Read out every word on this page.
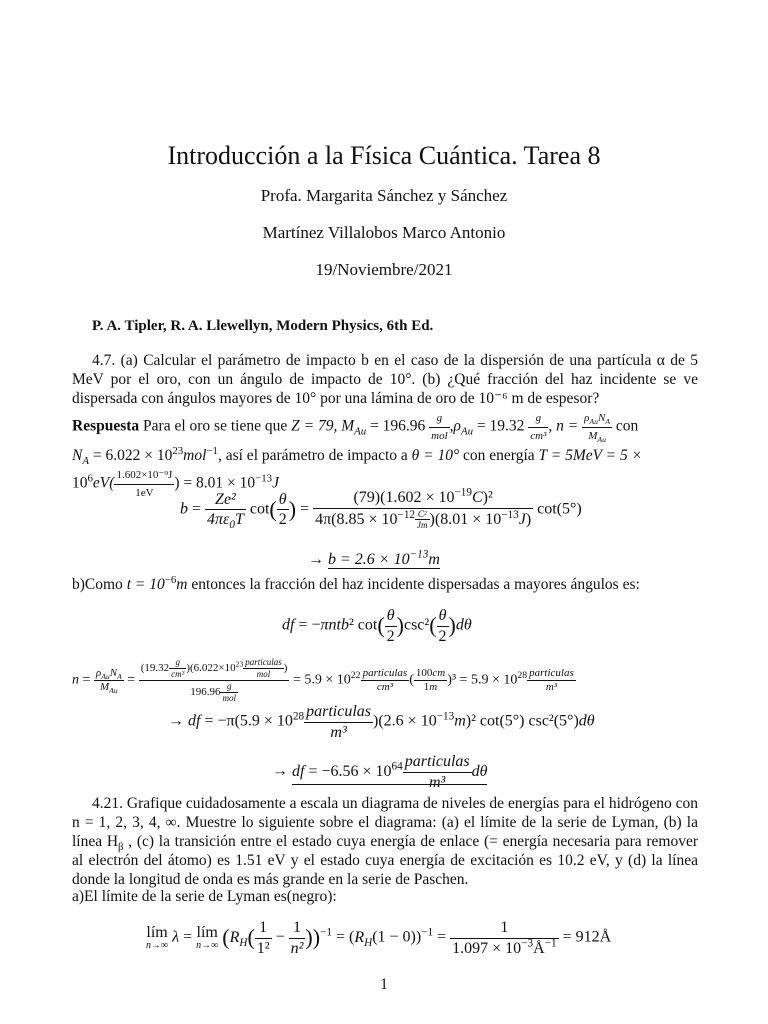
Introducción a la Física Cuántica. Tarea 8
Profa. Margarita Sánchez y Sánchez
Martínez Villalobos Marco Antonio
19/Noviembre/2021
P. A. Tipler, R. A. Llewellyn, Modern Physics, 6th Ed.
4.7. (a) Calcular el parámetro de impacto b en el caso de la dispersión de una partícula α de 5 MeV por el oro, con un ángulo de impacto de 10°. (b) ¿Qué fracción del haz incidente se ve dispersada con ángulos mayores de 10° por una lámina de oro de 10⁻⁶ m de espesor?
Respuesta Para el oro se tiene que Z = 79, $M_{Au} = 196.96 \frac{g}{\text{mol}} ,\rho_{Au} = 19.32 \frac{g}{\text{cm³}}$ , $n = \frac{\rho_{Au}N_A}{M_{Au}}$ con
$N_A = 6.022 \times 10^{23}mol^{-1}$, así el parámetro de impacto a θ = 10° con energía T = 5MeV = 5 ×
$10^6eV( \frac{\text{1.602×10⁻⁹J}}{1eV}$ ) = $8.01 \times 10^{-13}J$
$b = \frac{\text{Ze²}}{4\pi\varepsilon_0T} \cot( \frac{\theta}{2}$ ) = $\frac{(79)(1.602 \times 10^{-19}C)^2}{4\pi(8.85 \times 10^{-12} \frac{\text{C²}}{Jm} )(8.01 \times 10^{-13}J)} \cot(5^\circ)$
→ $b = 2.6 \times 10^{-13}m$
b)Como $t = 10^{-6}m$ entonces la fracción del haz incidente dispersadas a mayores ángulos es:
df = −πntb² $\cot( \frac{\theta}{2} )\csc^2( \frac{\theta}{2} )d\theta$
$n = \frac{\rho_{Au}N_A}{M_{Au}} = \frac{(19.32 \frac{g}{\text{cm³}} )(6.022\times 10^{23} \frac{\text{particulas}}{\text{mol}} )}{196.96 \frac{g}{\text{mol}}} = 5.9 \times 10^{22} \frac{\text{particulas}}{\text{cm³}}$ ( $\frac{100cm}{1m} )^3 = 5.9 \times 10^{28} \frac{\text{particulas}}{\text{m³}}$
→ df = $-\pi(5.9 \times 10^{28} \frac{\text{particulas}}{\text{m³}} )(2.6 \times 10^{-13}m)^2$ cot(5°) csc²(5°)dθ
→ df = $-6.56 \times 10^{64} \frac{\text{particulas}}{\text{m³}}$ dθ
4.21. Grafique cuidadosamente a escala un diagrama de niveles de energías para el hidrógeno con n = 1, 2, 3, 4, ∞. Muestre lo siguiente sobre el diagrama: (a) el límite de la serie de Lyman, (b) la línea $H_\beta$ , (c) la transición entre el estado cuya energía de enlace (= energía necesaria para remover al electrón del átomo) es 1.51 eV y el estado cuya energía de excitación es 10.2 eV, y (d) la línea donde la longitud de onda es más grande en la serie de Paschen.
a)El límite de la serie de Lyman es(negro):
lím
n→∞ λ = lím
n→∞ $(R_H( \frac{1}{\text{1²}} - \frac{1}{\text{n²}} ))^{-1} = (R_H(1 - 0))^{-1} = \frac{1}{1.097 \times 10^{-3}Å^{-1}}$ = 912Å
1
